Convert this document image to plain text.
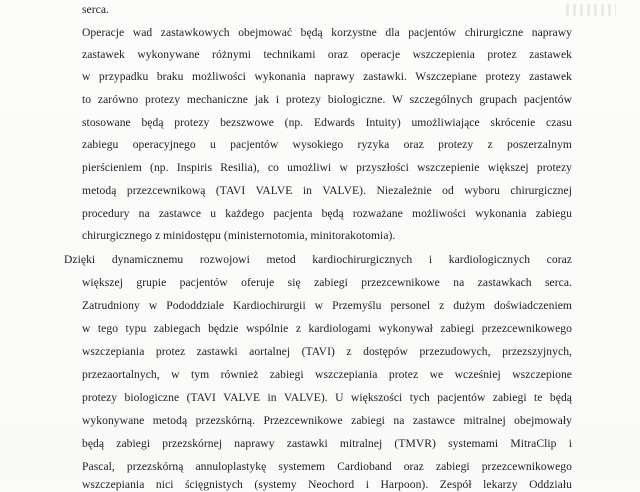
serca.
Operacje wad zastawkowych obejmować będą korzystne dla pacjentów chirurgiczne naprawy
zastawek wykonywane różnymi technikami oraz operacje wszczepienia protez zastawek
w przypadku braku możliwości wykonania naprawy zastawki. Wszczepiane protezy zastawek
to zarówno protezy mechaniczne jak i protezy biologiczne. W szczególnych grupach pacjentów
stosowane będą protezy bezszwowe (np. Edwards Intuity) umożliwiające skrócenie czasu
zabiegu operacyjnego u pacjentów wysokiego ryzyka oraz protezy z poszerzalnym
pierścieniem (np. Inspiris Resilia), co umożliwi w przyszłości wszczepienie większej protezy
metodą przezcewnikową (TAVI VALVE in VALVE). Niezależnie od wyboru chirurgicznej
procedury na zastawce u każdego pacjenta będą rozważane możliwości wykonania zabiegu
chirurgicznego z minidostępu (ministernotomia, minitorakotomia).
Dzięki dynamicznemu rozwojowi metod kardiochirurgicznych i kardiologicznych coraz
większej grupie pacjentów oferuje się zabiegi przezcewnikowe na zastawkach serca.
Zatrudniony w Pododdziale Kardiochirurgii w Przemyślu personel z dużym doświadczeniem
w tego typu zabiegach będzie wspólnie z kardiologami wykonywał zabiegi przezcewnikowego
wszczepiania protez zastawki aortalnej (TAVI) z dostępów przezudowych, przezszyjnych,
przezaortalnych, w tym również zabiegi wszczepiania protez we wcześniej wszczepione
protezy biologiczne (TAVI VALVE in VALVE). U większości tych pacjentów zabiegi te będą
wykonywane metodą przezskórną. Przezcewnikowe zabiegi na zastawce mitralnej obejmowały
będą zabiegi przezskórnej naprawy zastawki mitralnej (TMVR) systemami MitraClip i
Pascal, przezskórną annuloplastykę systemem Cardioband oraz zabiegi przezcewnikowego
wszczepiania nici ścięgnistych (systemy Neochord i Harpoon). Zespół lekarzy Oddziału
